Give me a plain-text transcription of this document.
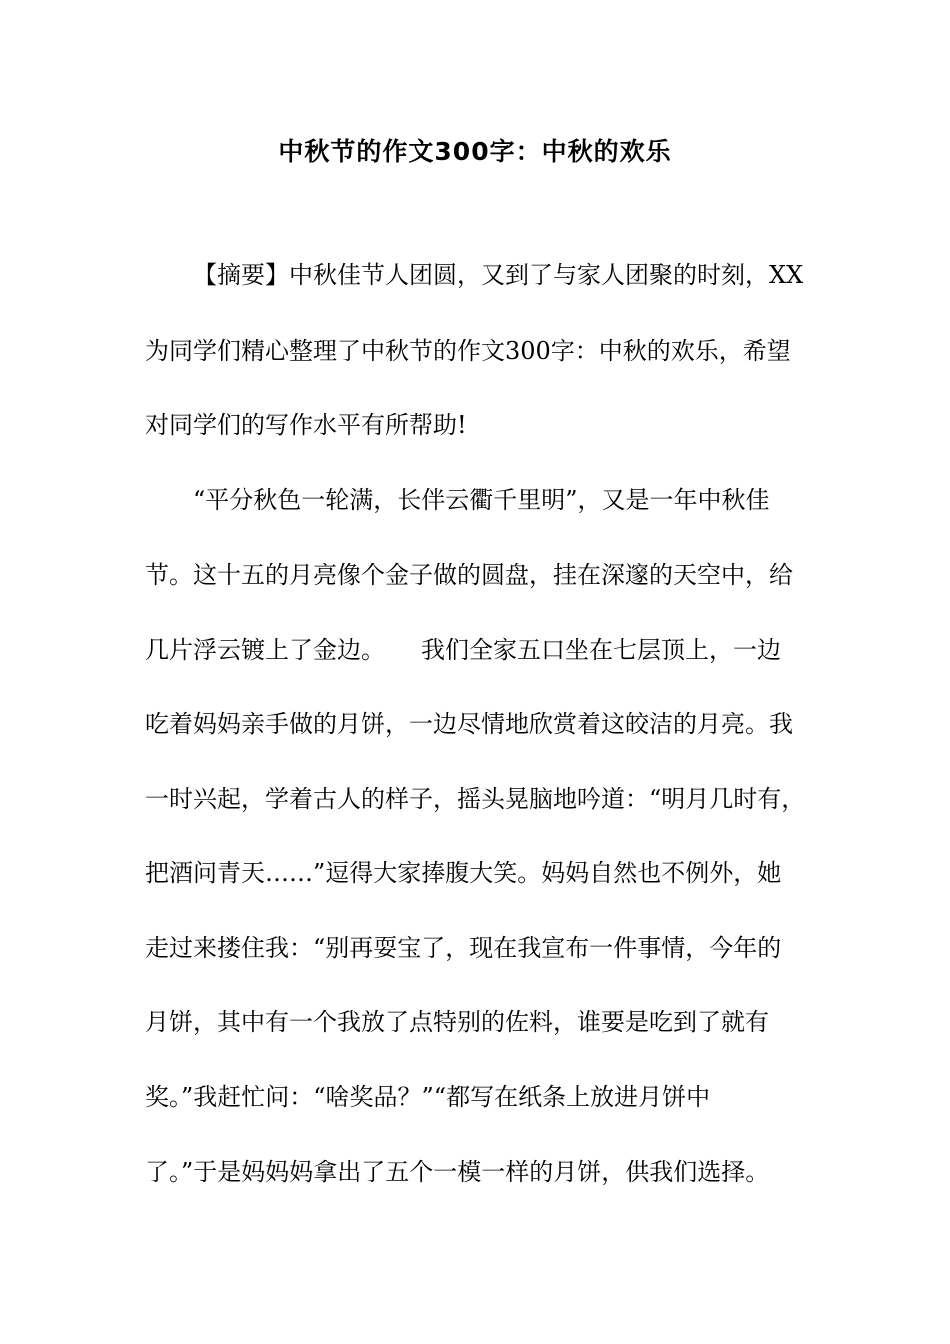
中秋节的作文300字：中秋的欢乐
【摘要】中秋佳节人团圆，又到了与家人团聚的时刻，XX
为同学们精心整理了中秋节的作文300字：中秋的欢乐，希望
对同学们的写作水平有所帮助!
“平分秋色一轮满，长伴云衢千里明”，又是一年中秋佳
节。这十五的月亮像个金子做的圆盘，挂在深邃的天空中，给
几片浮云镀上了金边。　　我们全家五口坐在七层顶上，一边
吃着妈妈亲手做的月饼，一边尽情地欣赏着这皎洁的月亮。我
一时兴起，学着古人的样子，摇头晃脑地吟道：“明月几时有，
把酒问青天……”逗得大家捧腹大笑。妈妈自然也不例外，她
走过来搂住我：“别再耍宝了，现在我宣布一件事情，今年的
月饼，其中有一个我放了点特别的佐料，谁要是吃到了就有
奖。”我赶忙问：“啥奖品？”“都写在纸条上放进月饼中
了。”于是妈妈妈拿出了五个一模一样的月饼，供我们选择。
